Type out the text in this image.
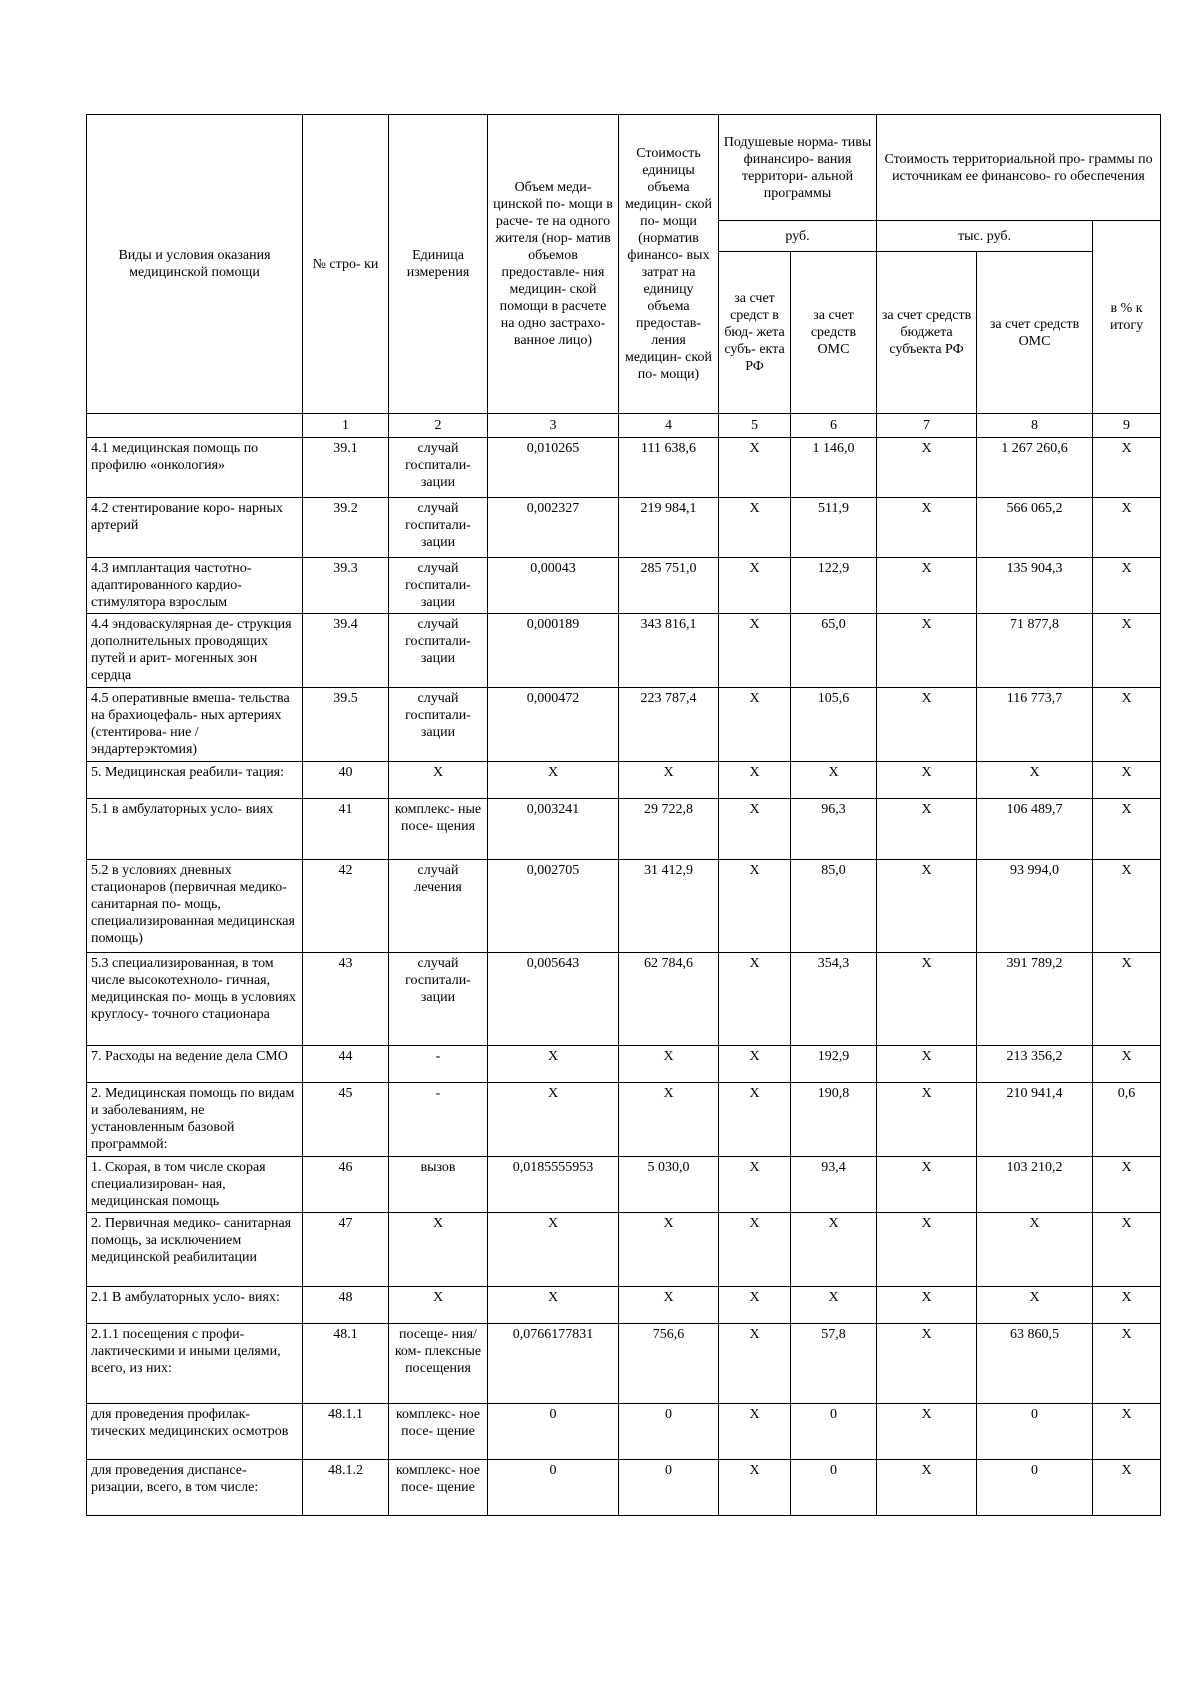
Виды и условия оказания медицинской помощи	№ стро- ки	Единица измерения	Объем меди- цинской по- мощи в расче- те на одного жителя (нор- матив объемов предоставле- ния медицин- ской помощи в расчете на одно застрахо- ванное лицо)	Стоимость единицы объема медицин- ской по- мощи (норматив финансо- вых затрат на единицу объема предостав- ления медицин- ской по- мощи)	Подушевые норма- тивы финансиро- вания территори- альной программы		Стоимость территориальной про- граммы по источникам ее финансово- го обеспечения		
					руб.		тыс. руб.		в % к итогу
					за счет средст в бюд- жета субъ- екта РФ	за счет средств ОМС	за счет средств бюджета субъекта РФ	за счет средств ОМС	
	1	2	3	4	5	6	7	8	9
4.1 медицинская помощь по профилю «онкология»	39.1	случай госпитали- зации	0,010265	111 638,6	X	1 146,0	X	1 267 260,6	X
4.2 стентирование коро- нарных артерий	39.2	случай госпитали- зации	0,002327	219 984,1	X	511,9	X	566 065,2	X
4.3 имплантация частотно- адаптированного кардио- стимулятора взрослым	39.3	случай госпитали- зации	0,00043	285 751,0	X	122,9	X	135 904,3	X
4.4 эндоваскулярная де- струкция дополнительных проводящих путей и арит- могенных зон сердца	39.4	случай госпитали- зации	0,000189	343 816,1	X	65,0	X	71 877,8	X
4.5 оперативные вмеша- тельства на брахиоцефаль- ных артериях (стентирова- ние / эндартерэктомия)	39.5	случай госпитали- зации	0,000472	223 787,4	X	105,6	X	116 773,7	X
5. Медицинская реабили- тация:	40	X	X	X	X	X	X	X	X
5.1 в амбулаторных усло- виях	41	комплекс- ные посе- щения	0,003241	29 722,8	X	96,3	X	106 489,7	X
5.2 в условиях дневных стационаров (первичная медико-санитарная по- мощь, специализированная медицинская помощь)	42	случай лечения	0,002705	31 412,9	X	85,0	X	93 994,0	X
5.3 специализированная, в том числе высокотехноло- гичная, медицинская по- мощь в условиях круглосу- точного стационара	43	случай госпитали- зации	0,005643	62 784,6	X	354,3	X	391 789,2	X
7. Расходы на ведение дела СМО	44	-	X	X	X	192,9	X	213 356,2	X
2. Медицинская помощь по видам и заболеваниям, не установленным базовой программой:	45	-	X	X	X	190,8	X	210 941,4	0,6
1. Скорая, в том числе скорая специализирован- ная, медицинская помощь	46	вызов	0,0185555953	5 030,0	X	93,4	X	103 210,2	X
2. Первичная медико- санитарная помощь, за исключением медицинской реабилитации	47	X	X	X	X	X	X	X	X
2.1 В амбулаторных усло- виях:	48	X	X	X	X	X	X	X	X
2.1.1 посещения с профи- лактическими и иными целями, всего, из них:	48.1	посеще- ния/ ком- плексные посещения	0,0766177831	756,6	X	57,8	X	63 860,5	X
для проведения профилак- тических медицинских осмотров	48.1.1	комплекс- ное посе- щение	0	0	X	0	X	0	X
для проведения диспансе- ризации, всего, в том числе:	48.1.2	комплекс- ное посе- щение	0	0	X	0	X	0	X
